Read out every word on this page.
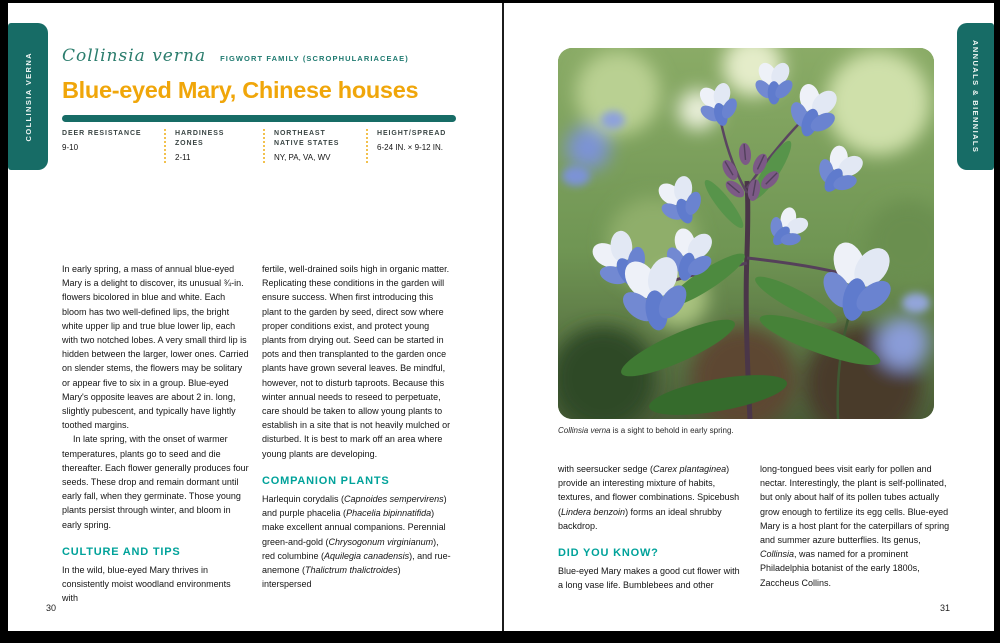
COLLINSIA VERNA	ANNUALS & BIENNIALS
Collinsia verna FIGWORT FAMILY (SCROPHULARIACEAE)
Blue-eyed Mary, Chinese houses
DEER RESISTANCE
9-10
HARDINESS ZONES
2-11
NORTHEAST NATIVE STATES
NY, PA, VA, WV
HEIGHT/SPREAD
6-24 IN. × 9-12 IN.

In early spring, a mass of annual blue-eyed Mary is a delight to discover, its unusual ¾-in. flowers bicolored in blue and white. Each bloom has two well-defined lips, the bright white upper lip and true blue lower lip, each with two notched lobes. A very small third lip is hidden between the larger, lower ones. Carried on slender stems, the flowers may be solitary or appear five to six in a group. Blue-eyed Mary's opposite leaves are about 2 in. long, slightly pubescent, and typically have lightly toothed margins.

In late spring, with the onset of warmer temperatures, plants go to seed and die thereafter. Each flower generally produces four seeds. These drop and remain dormant until early fall, when they germinate. Those young plants persist through winter, and bloom in early spring.

CULTURE AND TIPS

In the wild, blue-eyed Mary thrives in consistently moist woodland environments with

fertile, well-drained soils high in organic matter. Replicating these conditions in the garden will ensure success. When first introducing this plant to the garden by seed, direct sow where proper conditions exist, and protect young plants from drying out. Seed can be started in pots and then transplanted to the garden once plants have grown several leaves. Be mindful, however, not to disturb taproots. Because this winter annual needs to reseed to perpetuate, care should be taken to allow young plants to establish in a site that is not heavily mulched or disturbed. It is best to mark off an area where young plants are developing.

COMPANION PLANTS

Harlequin corydalis (Capnoides sempervirens) and purple phacelia (Phacelia bipinnatifida) make excellent annual companions. Perennial green-and-gold (Chrysogonum virginianum), red columbine (Aquilegia canadensis), and rue-anemone (Thalictrum thalictroides) interspersed

30
Collinsia verna is a sight to behold in early spring.

with seersucker sedge (Carex plantaginea) provide an interesting mixture of habits, textures, and flower combinations. Spicebush (Lindera benzoin) forms an ideal shrubby backdrop.

DID YOU KNOW?

Blue-eyed Mary makes a good cut flower with a long vase life. Bumblebees and other

long-tongued bees visit early for pollen and nectar. Interestingly, the plant is self-pollinated, but only about half of its pollen tubes actually grow enough to fertilize its egg cells. Blue-eyed Mary is a host plant for the caterpillars of spring and summer azure butterflies. Its genus, Collinsia, was named for a prominent Philadelphia botanist of the early 1800s, Zaccheus Collins.

31
